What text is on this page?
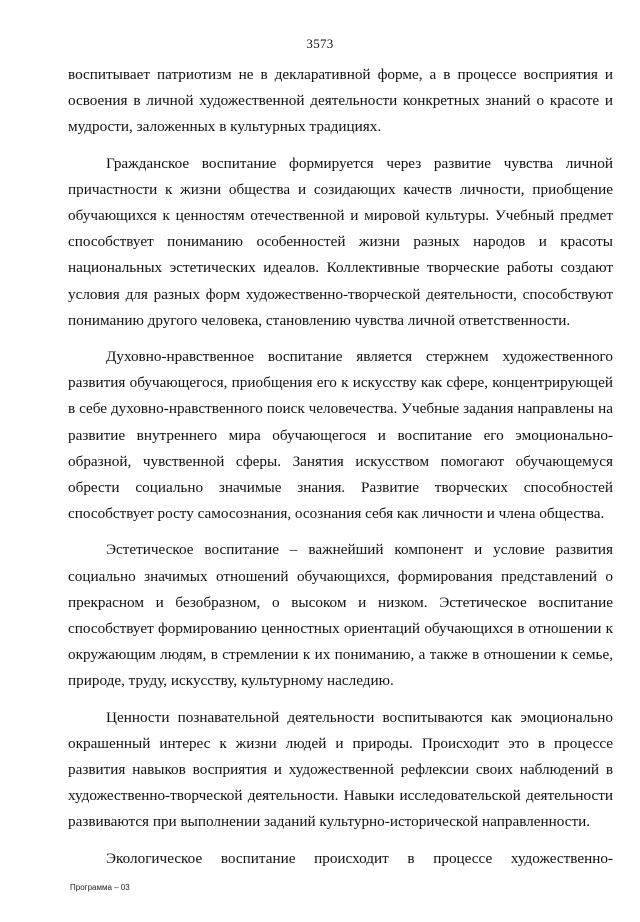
3573

воспитывает патриотизм не в декларативной форме, а в процессе восприятия и освоения в личной художественной деятельности конкретных знаний о красоте и мудрости, заложенных в культурных традициях.

Гражданское воспитание формируется через развитие чувства личной причастности к жизни общества и созидающих качеств личности, приобщение обучающихся к ценностям отечественной и мировой культуры. Учебный предмет способствует пониманию особенностей жизни разных народов и красоты национальных эстетических идеалов. Коллективные творческие работы создают условия для разных форм художественно-творческой деятельности, способствуют пониманию другого человека, становлению чувства личной ответственности.

Духовно-нравственное воспитание является стержнем художественного развития обучающегося, приобщения его к искусству как сфере, концентрирующей в себе духовно-нравственного поиск человечества. Учебные задания направлены на развитие внутреннего мира обучающегося и воспитание его эмоционально-образной, чувственной сферы. Занятия искусством помогают обучающемуся обрести социально значимые знания. Развитие творческих способностей способствует росту самосознания, осознания себя как личности и члена общества.

Эстетическое воспитание – важнейший компонент и условие развития социально значимых отношений обучающихся, формирования представлений о прекрасном и безобразном, о высоком и низком. Эстетическое воспитание способствует формированию ценностных ориентаций обучающихся в отношении к окружающим людям, в стремлении к их пониманию, а также в отношении к семье, природе, труду, искусству, культурному наследию.

Ценности познавательной деятельности воспитываются как эмоционально окрашенный интерес к жизни людей и природы. Происходит это в процессе развития навыков восприятия и художественной рефлексии своих наблюдений в художественно-творческой деятельности. Навыки исследовательской деятельности развиваются при выполнении заданий культурно-исторической направленности.

Экологическое воспитание происходит в процессе художественно-

Программа – 03
